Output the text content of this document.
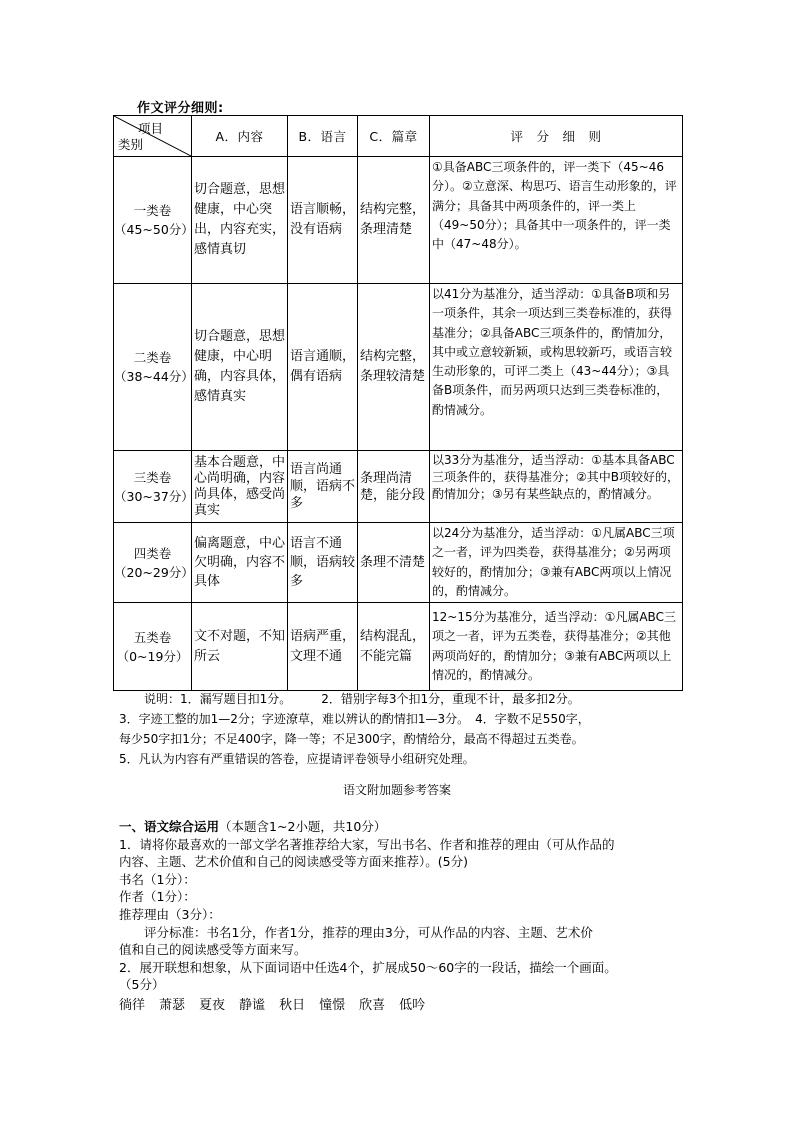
作文评分细则:
项目
类别	A．内容	B．语言	C．篇章	评　分　细　则

一类卷
（45~50分）	切合题意，思想健康，中心突出，内容充实，感情真切	语言顺畅，没有语病	结构完整，条理清楚	①具备ABC三项条件的，评一类下（45~46分）。②立意深、构思巧、语言生动形象的，评满分；具备其中两项条件的，评一类上（49~50分）；具备其中一项条件的，评一类中（47~48分）。

二类卷
（38~44分）	切合题意，思想健康，中心明确，内容具体，感情真实	语言通顺，偶有语病	结构完整，条理较清楚	以41分为基准分，适当浮动：①具备B项和另一项条件，其余一项达到三类卷标准的，获得基准分；②具备ABC三项条件的，酌情加分，其中或立意较新颖，或构思较新巧，或语言较生动形象的，可评二类上（43~44分）；③具备B项条件，而另两项只达到三类卷标准的，酌情减分。

三类卷
（30~37分）	基本合题意，中心尚明确，内容尚具体，感受尚真实	语言尚通顺，语病不多	条理尚清楚，能分段	以33分为基准分，适当浮动：①基本具备ABC三项条件的，获得基准分；②其中B项较好的，酌情加分；③另有某些缺点的，酌情减分。

四类卷
（20~29分）	偏离题意，中心欠明确，内容不具体	语言不通顺，语病较多	条理不清楚	以24分为基准分，适当浮动：①凡属ABC三项之一者，评为四类卷，获得基准分；②另两项较好的，酌情加分；③兼有ABC两项以上情况的，酌情减分。

五类卷
（0~19分）	文不对题，不知所云	语病严重，文理不通	结构混乱，不能完篇	12~15分为基准分，适当浮动：①凡属ABC三项之一者，评为五类卷，获得基准分；②其他两项尚好的，酌情加分；③兼有ABC两项以上情况的，酌情减分。
说明：1．漏写题目扣1分。　　　2．错别字每3个扣1分，重现不计，最多扣2分。
3．字迹工整的加1—2分；字迹潦草，难以辨认的酌情扣1—3分。　4．字数不足550字，
每少50字扣1分；不足400字，降一等；不足300字，酌情给分，最高不得超过五类卷。
5．凡认为内容有严重错误的答卷，应提请评卷领导小组研究处理。
语文附加题参考答案
一、语文综合运用（本题含1~2小题，共10分）
1．请将你最喜欢的一部文学名著推荐给大家，写出书名、作者和推荐的理由（可从作品的
内容、主题、艺术价值和自己的阅读感受等方面来推荐）。(5分)
书名（1分）：
作者（1分）：
推荐理由（3分）：
　　评分标准：书名1分，作者1分，推荐的理由3分，可从作品的内容、主题、艺术价
值和自己的阅读感受等方面来写。
2．展开联想和想象，从下面词语中任选4个，扩展成50～60字的一段话，描绘一个画面。
（5分）
徜徉 萧瑟 夏夜 静谧 秋日 憧憬 欣喜 低吟
